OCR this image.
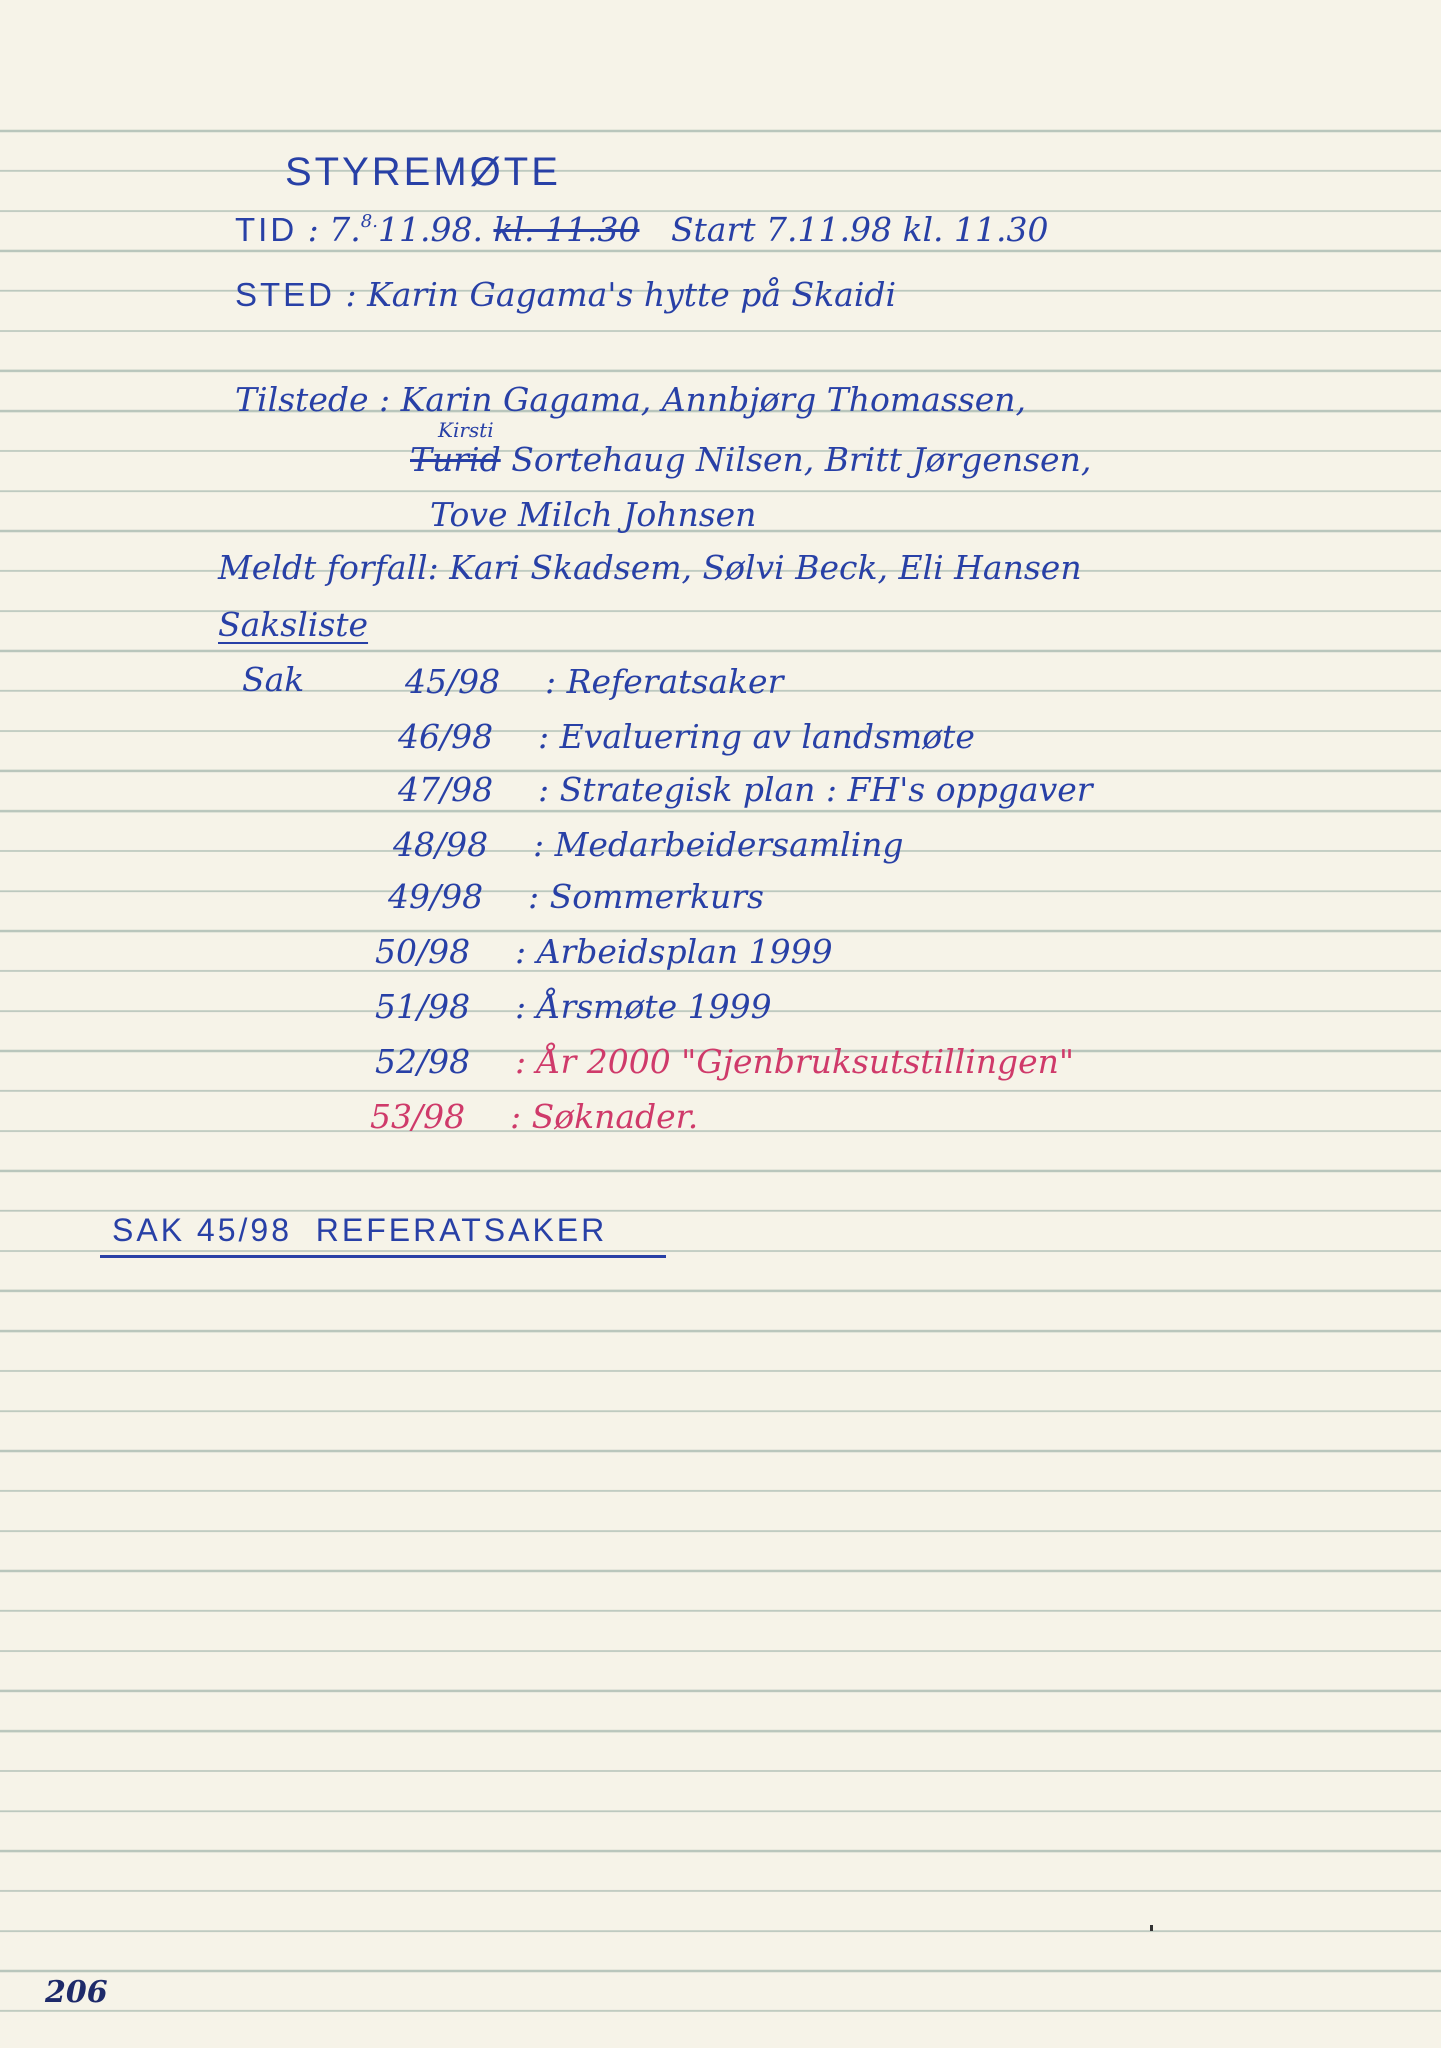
STYREMØTE
TID : 7.$^{8.}$11.98. kl. 11.30 Start 7.11.98 kl. 11.30
STED : Karin Gagama's hytte på Skaidi
Tilstede : Karin Gagama, Annbjørg Thomassen,
Kirsti
Turid Sortehaug Nilsen, Britt Jørgensen,
Tove Milch Johnsen
Meldt forfall: Kari Skadsem, Sølvi Beck, Eli Hansen
Saksliste
Sak	45/98 : Referatsaker
46/98 : Evaluering av landsmøte
47/98 : Strategisk plan : FH's oppgaver
48/98 : Medarbeidersamling
49/98 : Sommerkurs
50/98 : Arbeidsplan 1999
51/98 : Årsmøte 1999
52/98 : År 2000 "Gjenbruksutstillingen"
53/98 : Søknader.
SAK 45/98 REFERATSAKER
206
